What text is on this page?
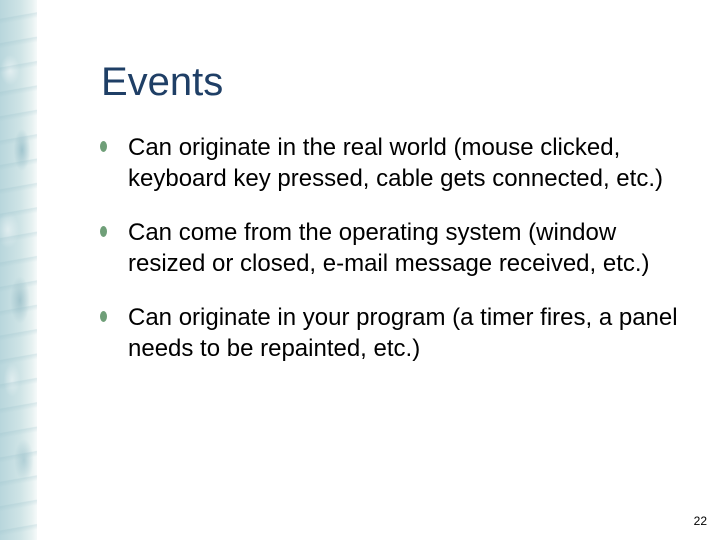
Events
Can originate in the real world (mouse clicked, keyboard key pressed, cable gets connected, etc.)
Can come from the operating system (window resized or closed, e-mail message received, etc.)
Can originate in your program (a timer fires, a panel needs to be repainted, etc.)
22
